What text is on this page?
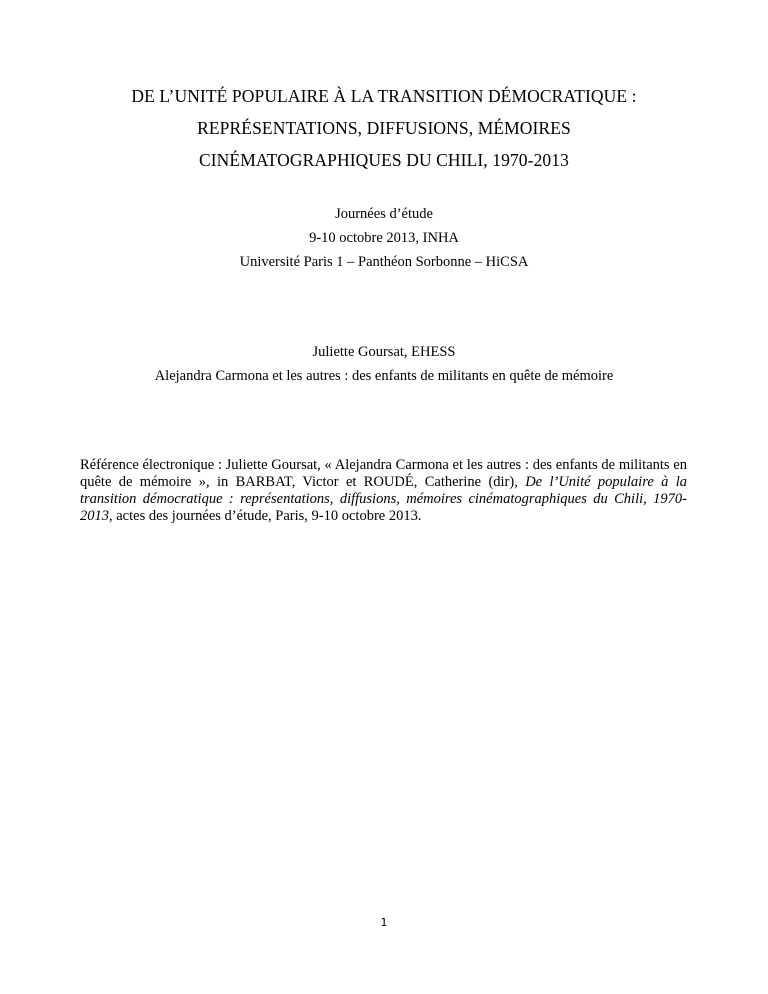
DE L’UNITÉ POPULAIRE À LA TRANSITION DÉMOCRATIQUE :
REPRÉSENTATIONS, DIFFUSIONS, MÉMOIRES
CINÉMATOGRAPHIQUES DU CHILI, 1970-2013
Journées d’étude
9-10 octobre 2013, INHA
Université Paris 1 – Panthéon Sorbonne – HiCSA
Juliette Goursat, EHESS
Alejandra Carmona et les autres : des enfants de militants en quête de mémoire

Référence électronique : Juliette Goursat, « Alejandra Carmona et les autres : des enfants de militants en quête de mémoire », in BARBAT, Victor et ROUDÉ, Catherine (dir), De l’Unité populaire à la transition démocratique : représentations, diffusions, mémoires cinématographiques du Chili, 1970-2013, actes des journées d’étude, Paris, 9-10 octobre 2013.

1
